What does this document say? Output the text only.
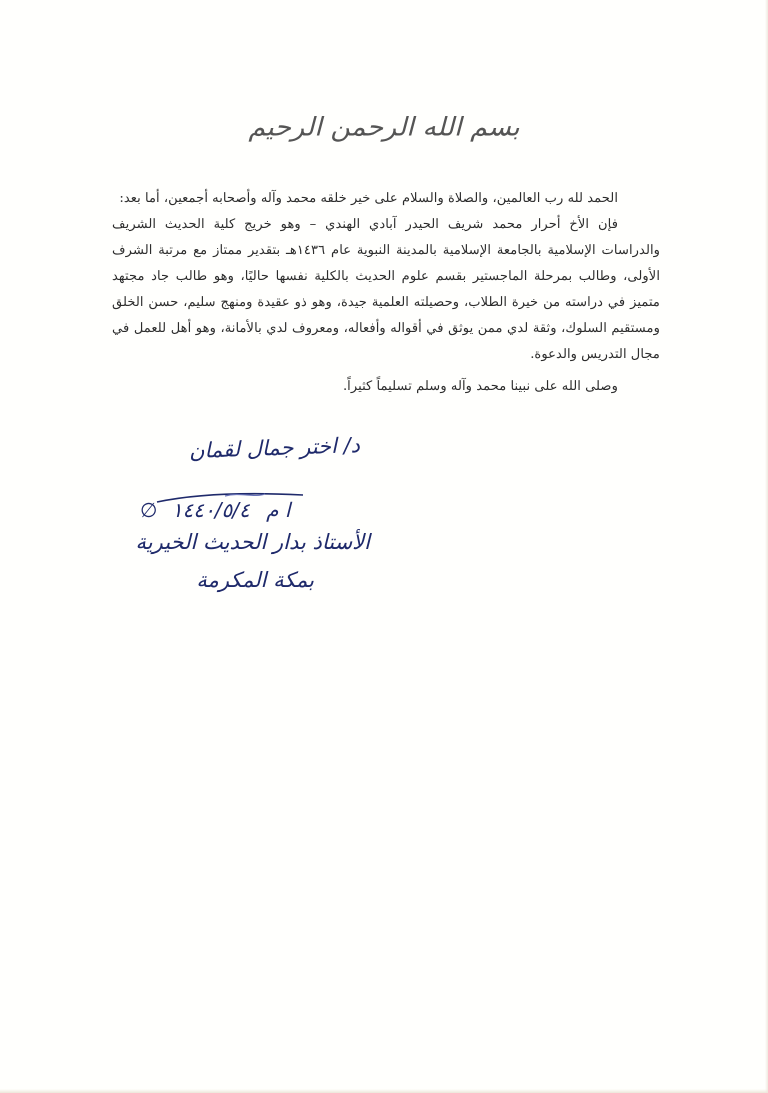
بسم الله الرحمن الرحيم

الحمد لله رب العالمين، والصلاة والسلام على خير خلقه محمد وآله وأصحابه أجمعين، أما بعد:

فإن الأخ أحرار محمد شريف الحيدر آبادي الهندي – وهو خريج كلية الحديث الشريف والدراسات الإسلامية بالجامعة الإسلامية بالمدينة النبوية عام ١٤٣٦هـ بتقدير ممتاز مع مرتبة الشرف الأولى، وطالب بمرحلة الماجستير بقسم علوم الحديث بالكلية نفسها حاليًا، وهو طالب جاد مجتهد متميز في دراسته من خيرة الطلاب، وحصيلته العلمية جيدة، وهو ذو عقيدة ومنهج سليم، حسن الخلق ومستقيم السلوك، وثقة لدي ممن يوثق في أقواله وأفعاله، ومعروف لدي بالأمانة، وهو أهل للعمل في مجال التدريس والدعوة.

وصلى الله على نبينا محمد وآله وسلم تسليماً كثيراً.

د/ اختر جمال لقمان
∅ ١٤٤٠/٥/٤ ا م
الأستاذ بدار الحديث الخيرية
بمكة المكرمة
